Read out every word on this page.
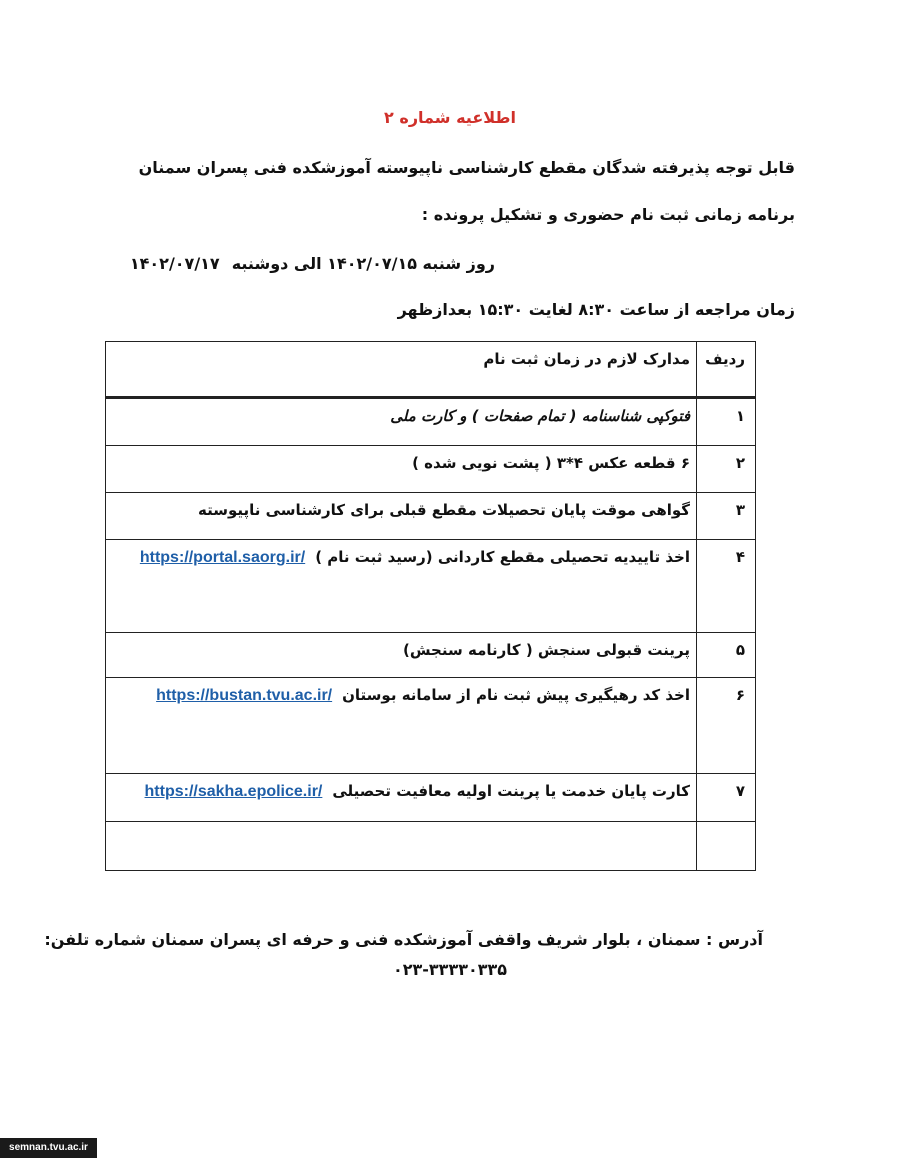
اطلاعیه شماره ۲
قابل توجه پذیرفته شدگان مقطع کارشناسی ناپیوسته آموزشکده فنی پسران سمنان
برنامه زمانی ثبت نام حضوری و تشکیل پرونده :
روز شنبه ۱۴۰۲/۰۷/۱۵ الی دوشنبه۱۴۰۲/۰۷/۱۷
زمان مراجعه از ساعت ۸:۳۰ لغایت ۱۵:۳۰ بعدازظهر
ردیف	مدارک لازم در زمان ثبت نام
۱	فتوکپی شناسنامه ( تمام صفحات ) و کارت ملی
۲	۶ قطعه عکس ۴*۳ ( پشت نویی شده )
۳	گواهی موقت پایان تحصیلات مقطع قبلی برای کارشناسی ناپیوسته
۴	اخذ تاییدیه تحصیلی مقطع کاردانی (رسید ثبت نام )https://portal.saorg.ir/
۵	پرینت قبولی سنجش ( کارنامه سنجش)
۶	اخذ کد رهیگیری پیش ثبت نام از سامانه بوستانhttps://bustan.tvu.ac.ir/
۷	کارت پایان خدمت یا پرینت اولیه معافیت تحصیلیhttps://sakha.epolice.ir/

آدرس : سمنان ، بلوار شریف واقفی آموزشکده فنی و حرفه ای پسران سمنان شماره تلفن:
۰۲۳-۳۳۳۳۰۳۳۵
semnan.tvu.ac.ir
